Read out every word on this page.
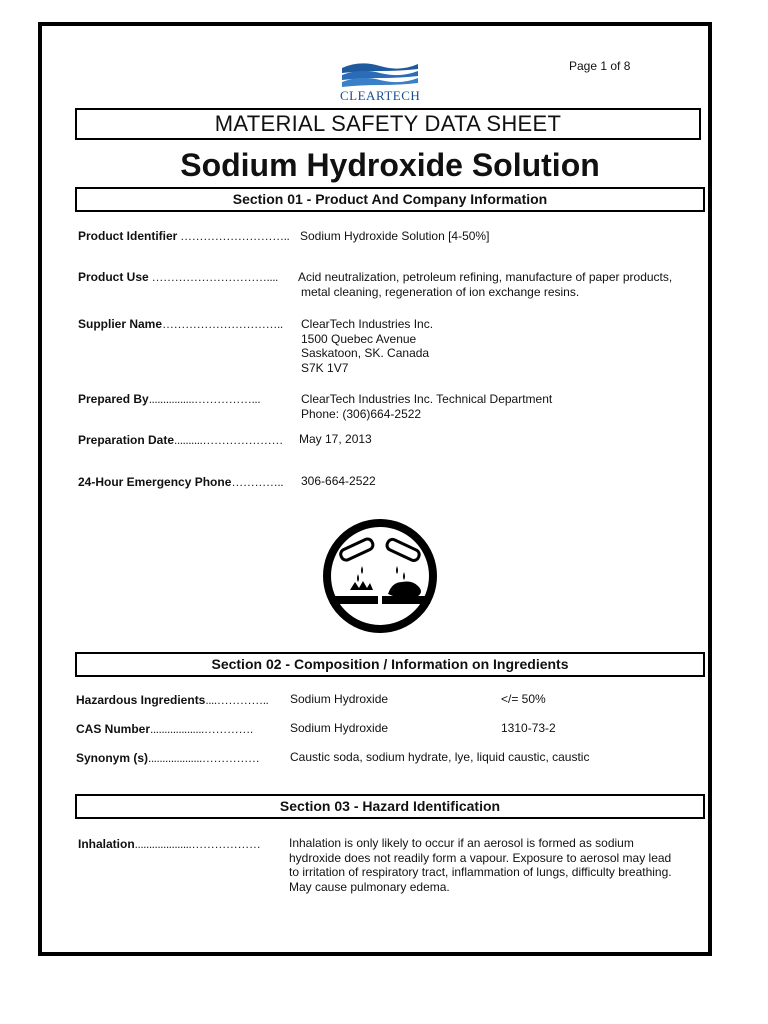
Page 1 of 8
CLEARTECH
MATERIAL SAFETY DATA SHEET
Sodium Hydroxide Solution
Section 01 - Product And Company Information
Product Identifier ……………………….. Sodium Hydroxide Solution [4-50%]
Product Use ………………………….... Acid neutralization, petroleum refining, manufacture of paper products,
metal cleaning, regeneration of ion exchange resins.
Supplier Name………………………….. ClearTech Industries Inc.
1500 Quebec Avenue
Saskatoon, SK. Canada
S7K 1V7
Prepared By................……………...	ClearTech Industries Inc. Technical Department
Phone: (306)664-2522
Preparation Date..........………………… May 17, 2013
24-Hour Emergency Phone………….. 306-664-2522
Section 02 - Composition / Information on Ingredients
Hazardous Ingredients....………….. Sodium Hydroxide	</= 50%
CAS Number...................………….	Sodium Hydroxide	1310-73-2
Synonym (s)...................……………	Caustic soda, sodium hydrate, lye, liquid caustic, caustic
Section 03 - Hazard Identification
Inhalation....................……………… Inhalation is only likely to occur if an aerosol is formed as sodium
hydroxide does not readily form a vapour. Exposure to aerosol may lead
to irritation of respiratory tract, inflammation of lungs, difficulty breathing.
May cause pulmonary edema.
